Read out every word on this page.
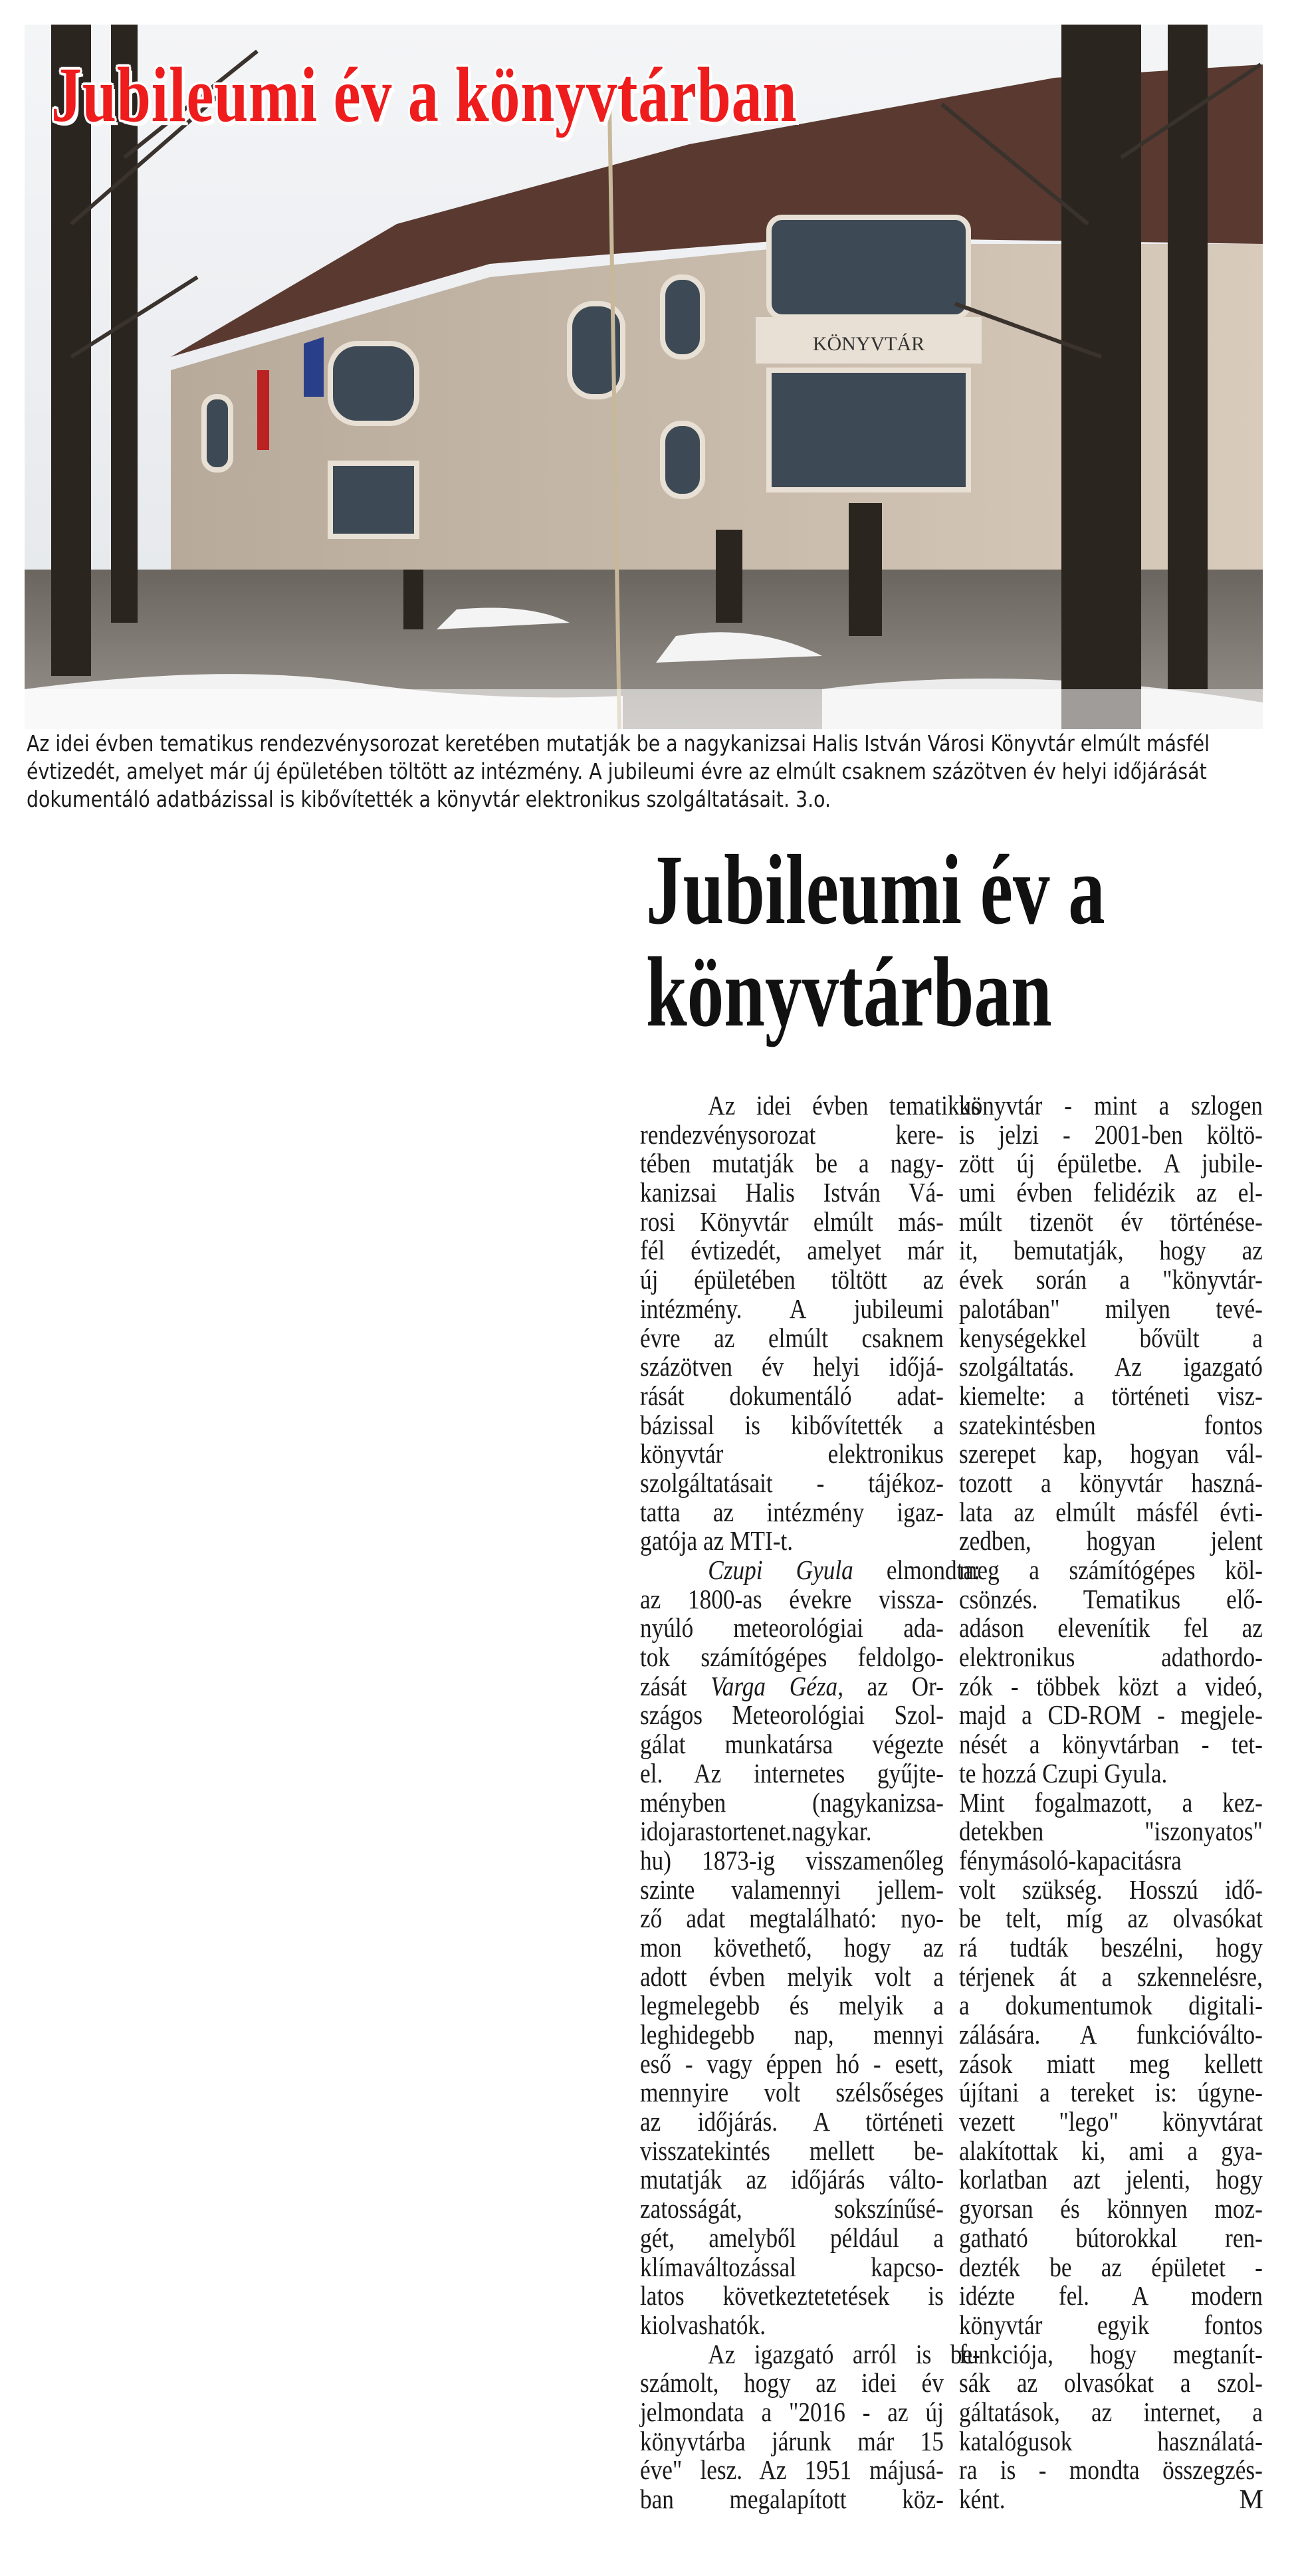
KÖNYVTÁR
Jubileumi év a könyvtárban
Az idei évben tematikus rendezvénysorozat keretében mutatják be a nagykanizsai Halis István Városi Könyvtár elmúlt másfél
évtizedét, amelyet már új épületében töltött az intézmény. A jubileumi évre az elmúlt csaknem százötven év helyi időjárását
dokumentáló adatbázissal is kibővítették a könyvtár elektronikus szolgáltatásait. 3.o.
Jubileumi év a
könyvtárban
Az idei évben tematikus
rendezvénysorozat kere-
tében mutatják be a nagy-
kanizsai Halis István Vá-
rosi Könyvtár elmúlt más-
fél évtizedét, amelyet már
új épületében töltött az
intézmény. A jubileumi
évre az elmúlt csaknem
százötven év helyi időjá-
rását dokumentáló adat-
bázissal is kibővítették a
könyvtár elektronikus
szolgáltatásait - tájékoz-
tatta az intézmény igaz-
gatója az MTI-t.
Czupi Gyula elmondta:
az 1800-as évekre vissza-
nyúló meteorológiai ada-
tok számítógépes feldolgo-
zását Varga Géza, az Or-
szágos Meteorológiai Szol-
gálat munkatársa végezte
el. Az internetes gyűjte-
ményben (nagykanizsa-
idojarastortenet.nagykar.
hu) 1873-ig visszamenőleg
szinte valamennyi jellem-
ző adat megtalálható: nyo-
mon követhető, hogy az
adott évben melyik volt a
legmelegebb és melyik a
leghidegebb nap, mennyi
eső - vagy éppen hó - esett,
mennyire volt szélsőséges
az időjárás. A történeti
visszatekintés mellett be-
mutatják az időjárás válto-
zatosságát, sokszínűsé-
gét, amelyből például a
klímaváltozással kapcso-
latos következtetetések is
kiolvashatók.
Az igazgató arról is be-
számolt, hogy az idei év
jelmondata a "2016 - az új
könyvtárba járunk már 15
éve" lesz. Az 1951 májusá-
ban megalapított köz-
könyvtár - mint a szlogen
is jelzi - 2001-ben költö-
zött új épületbe. A jubile-
umi évben felidézik az el-
múlt tizenöt év történése-
it, bemutatják, hogy az
évek során a "könyvtár-
palotában" milyen tevé-
kenységekkel bővült a
szolgáltatás. Az igazgató
kiemelte: a történeti visz-
szatekintésben fontos
szerepet kap, hogyan vál-
tozott a könyvtár haszná-
lata az elmúlt másfél évti-
zedben, hogyan jelent
meg a számítógépes köl-
csönzés. Tematikus elő-
adáson elevenítik fel az
elektronikus adathordo-
zók - többek közt a videó,
majd a CD-ROM - megjele-
nését a könyvtárban - tet-
te hozzá Czupi Gyula.
Mint fogalmazott, a kez-
detekben "iszonyatos"
fénymásoló-kapacitásra
volt szükség. Hosszú idő-
be telt, míg az olvasókat
rá tudták beszélni, hogy
térjenek át a szkennelésre,
a dokumentumok digitali-
zálására. A funkcióválto-
zások miatt meg kellett
újítani a tereket is: úgyne-
vezett "lego" könyvtárat
alakítottak ki, ami a gya-
korlatban azt jelenti, hogy
gyorsan és könnyen moz-
gatható bútorokkal ren-
dezték be az épületet -
idézte fel. A modern
könyvtár egyik fontos
funkciója, hogy megtanít-
sák az olvasókat a szol-
gáltatások, az internet, a
katalógusok használatá-
ra is - mondta összegzés-
ként.	M
